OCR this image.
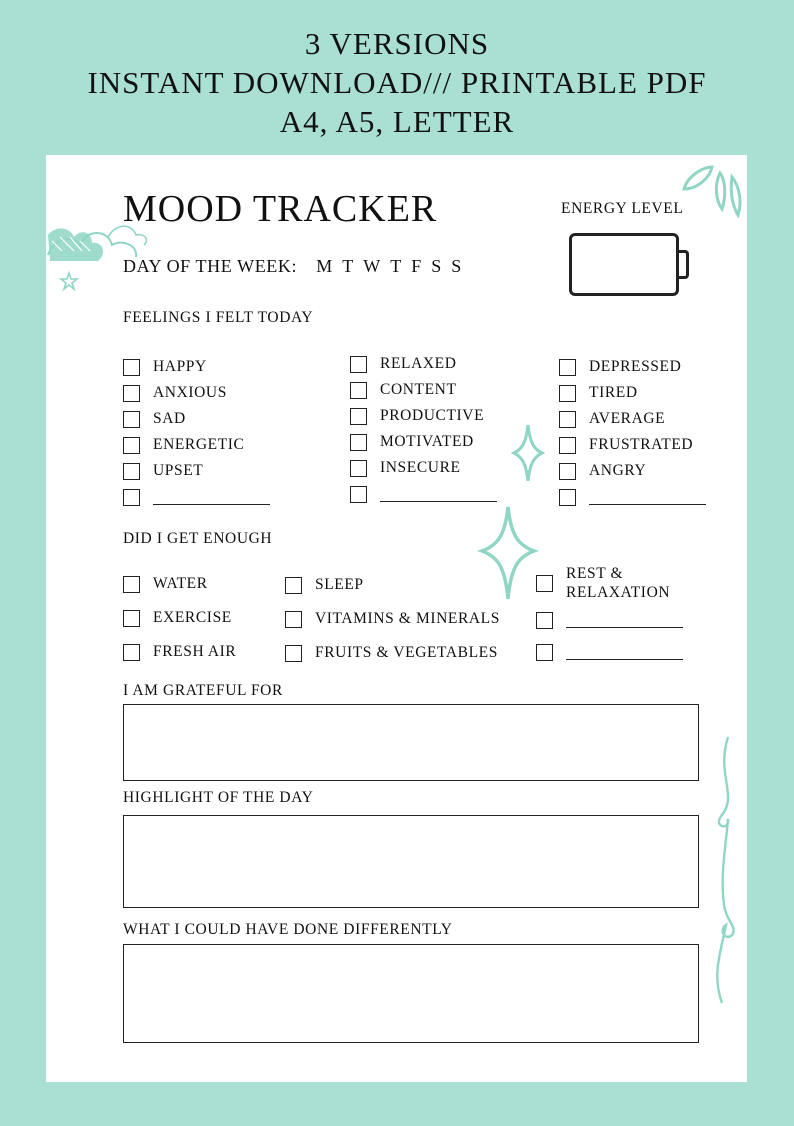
3 VERSIONS
INSTANT DOWNLOAD/// PRINTABLE PDF
A4, A5, LETTER
MOOD TRACKER	ENERGY LEVEL
DAY OF THE WEEK: M T W T F S S
FEELINGS I FELT TODAY
HAPPY
ANXIOUS
SAD
ENERGETIC
UPSET
RELAXED
CONTENT
PRODUCTIVE
MOTIVATED
INSECURE
DEPRESSED
TIRED
AVERAGE
FRUSTRATED
ANGRY
DID I GET ENOUGH
WATER
EXERCISE
FRESH AIR
SLEEP
VITAMINS & MINERALS
FRUITS & VEGETABLES
REST &
RELAXATION
I AM GRATEFUL FOR
HIGHLIGHT OF THE DAY
WHAT I COULD HAVE DONE DIFFERENTLY
